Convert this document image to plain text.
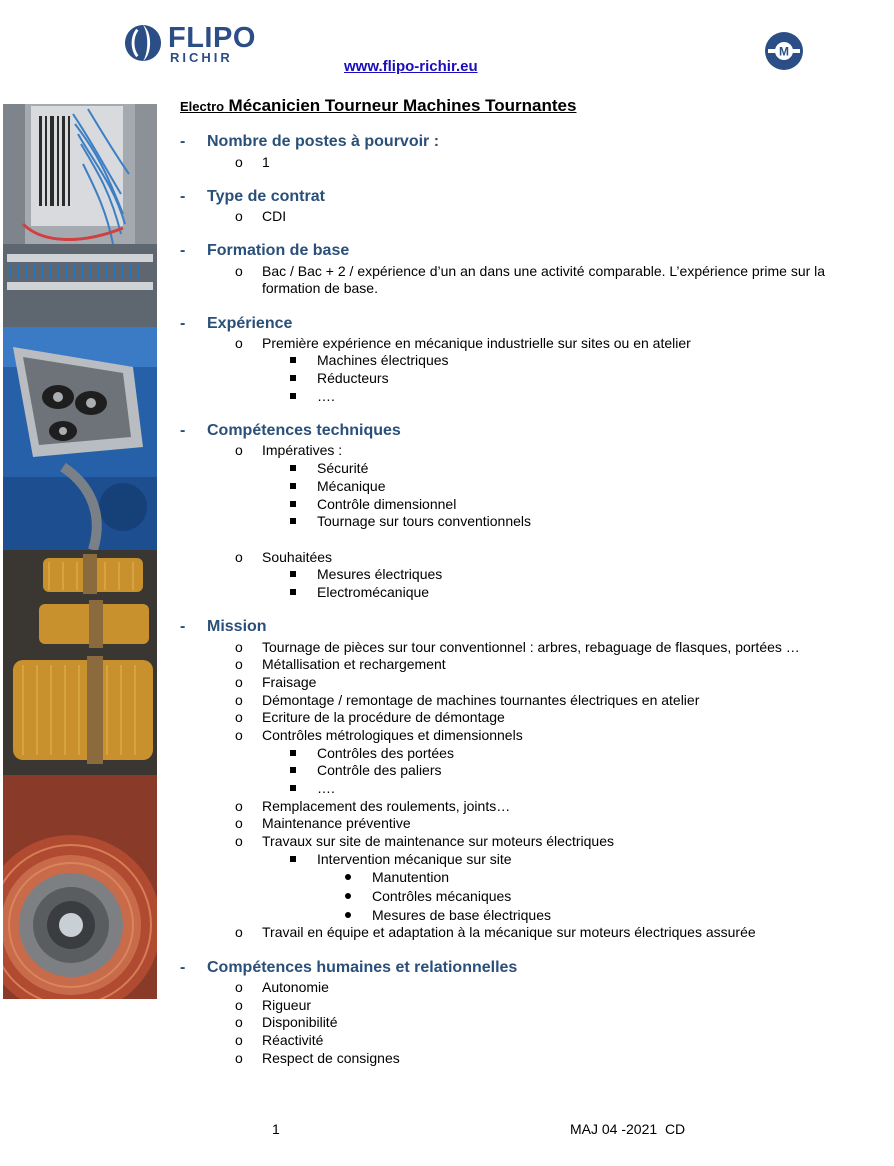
FLIPO
RICHIR
www.flipo-richir.eu
M
Electro Mécanicien Tourneur Machines Tournantes
- Nombre de postes à pourvoir :
o 1
- Type de contrat
o CDI
- Formation de base
o Bac / Bac + 2 / expérience d’un an dans une activité comparable. L’expérience prime sur la formation de base.
- Expérience
o Première expérience en mécanique industrielle sur sites ou en atelier
Machines électriques
Réducteurs
….
- Compétences techniques
o Impératives :
Sécurité
Mécanique
Contrôle dimensionnel
Tournage sur tours conventionnels
o Souhaitées
Mesures électriques
Electromécanique
- Mission
o Tournage de pièces sur tour conventionnel : arbres, rebaguage de flasques, portées …
o Métallisation et rechargement
o Fraisage
o Démontage / remontage de machines tournantes électriques en atelier
o Ecriture de la procédure de démontage
o Contrôles métrologiques et dimensionnels
Contrôles des portées
Contrôle des paliers
….
o Remplacement des roulements, joints…
o Maintenance préventive
o Travaux sur site de maintenance sur moteurs électriques
Intervention mécanique sur site
Manutention
Contrôles mécaniques
Mesures de base électriques
o Travail en équipe et adaptation à la mécanique sur moteurs électriques assurée
- Compétences humaines et relationnelles
o Autonomie
o Rigueur
o Disponibilité
o Réactivité
o Respect de consignes
1	MAJ 04 -2021  CD
